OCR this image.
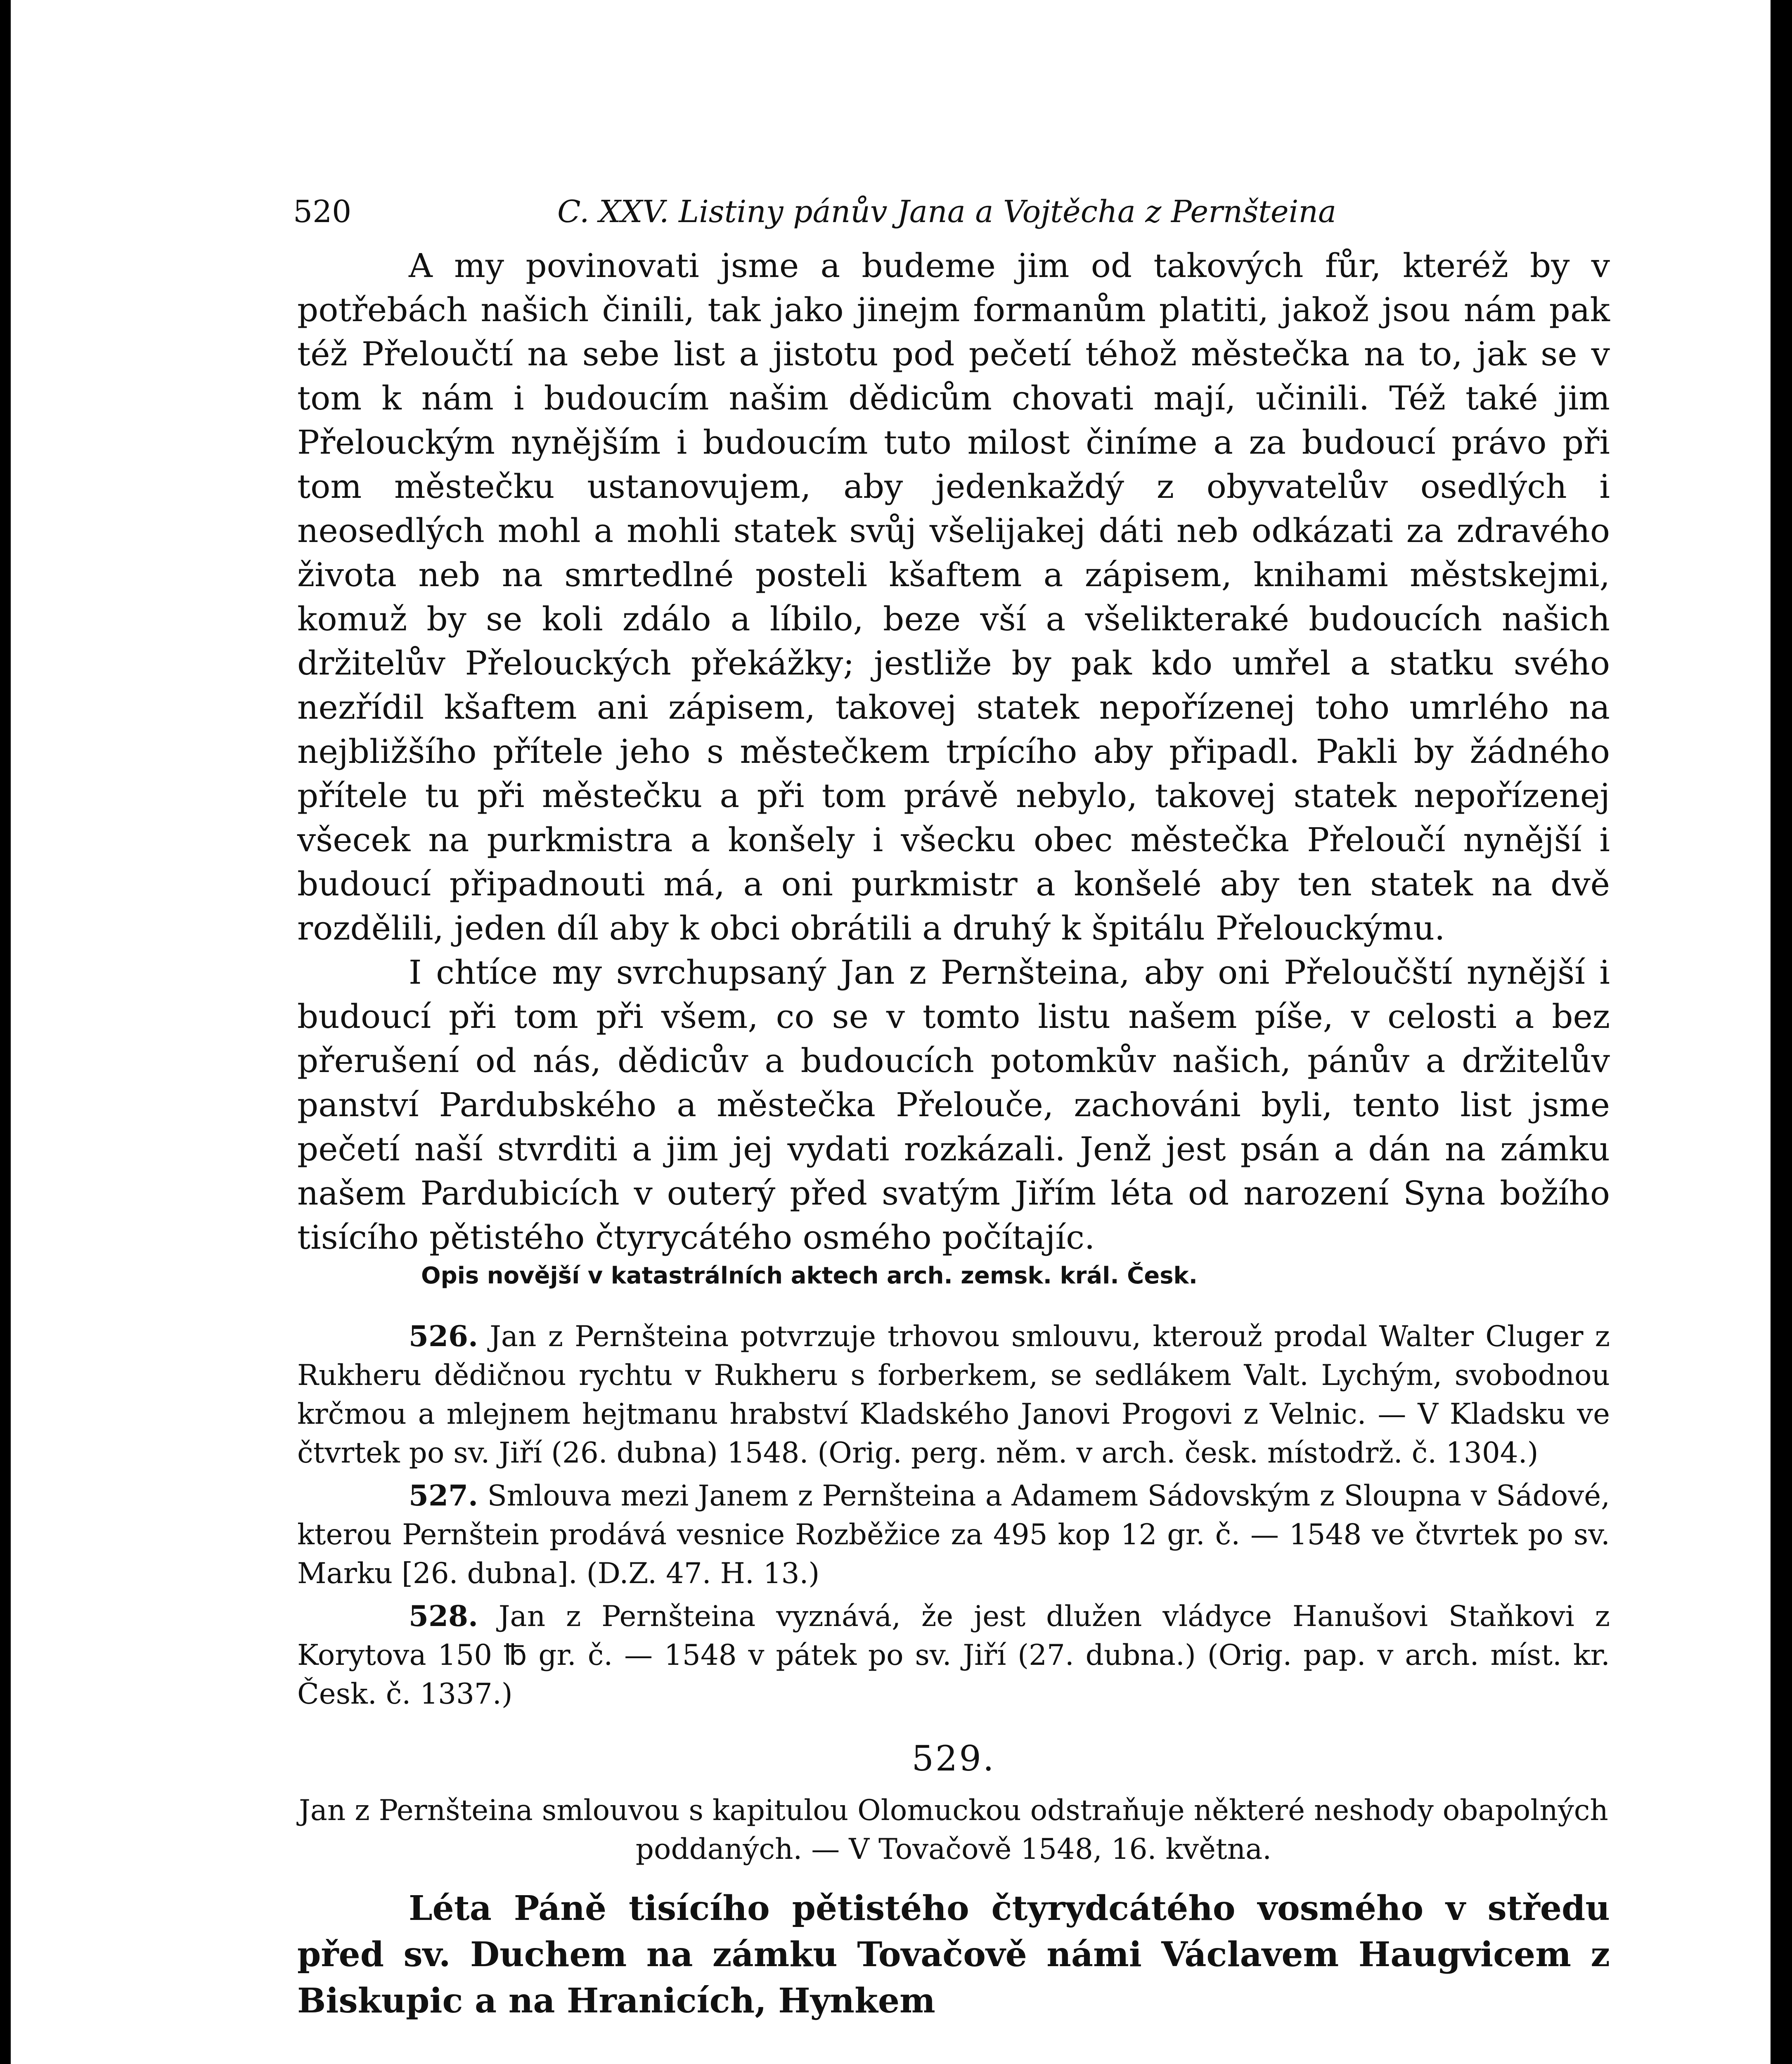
520	C. XXV. Listiny pánův Jana a Vojtěcha z Pernšteina

A my povinovati jsme a budeme jim od takových fůr, kteréž by v potřebách našich činili, tak jako jinejm formanům platiti, jakož jsou nám pak též Přeloučtí na sebe list a jistotu pod pečetí téhož městečka na to, jak se v tom k nám i budoucím našim dědicům chovati mají, učinili. Též také jim Přelouckým nynějším i budoucím tuto milost činíme a za budoucí právo při tom městečku ustanovujem, aby jedenkaždý z obyvatelův osedlých i neosedlých mohl a mohli statek svůj všelijakej dáti neb odkázati za zdravého života neb na smrtedlné posteli kšaftem a zápisem, knihami městskejmi, komuž by se koli zdálo a líbilo, beze vší a všelikteraké budoucích našich držitelův Přelouckých překážky; jestliže by pak kdo umřel a statku svého nezřídil kšaftem ani zápisem, takovej statek nepořízenej toho umrlého na nejbližšího přítele jeho s městečkem trpícího aby připadl. Pakli by žádného přítele tu při městečku a při tom právě nebylo, takovej statek nepořízenej všecek na purkmistra a konšely i všecku obec městečka Přeloučí nynější i budoucí připadnouti má, a oni purkmistr a konšelé aby ten statek na dvě rozdělili, jeden díl aby k obci obrátili a druhý k špitálu Přelouckýmu.

I chtíce my svrchupsaný Jan z Pernšteina, aby oni Přeloučští nynější i budoucí při tom při všem, co se v tomto listu našem píše, v celosti a bez přerušení od nás, dědicův a budoucích potomkův našich, pánův a držitelův panství Pardubského a městečka Přelouče, zachováni byli, tento list jsme pečetí naší stvrditi a jim jej vydati rozkázali. Jenž jest psán a dán na zámku našem Pardubicích v outerý před svatým Jiřím léta od narození Syna božího tisícího pětistého čtyrycátého osmého počítajíc.

Opis novější v katastrálních aktech arch. zemsk. král. Česk.

526. Jan z Pernšteina potvrzuje trhovou smlouvu, kterouž prodal Walter Cluger z Rukheru dědičnou rychtu v Rukheru s forberkem, se sedlákem Valt. Lychým, svobodnou krčmou a mlejnem hejtmanu hrabství Kladského Janovi Progovi z Velnic. — V Kladsku ve čtvrtek po sv. Jiří (26. dubna) 1548. (Orig. perg. něm. v arch. česk. místodrž. č. 1304.)

527. Smlouva mezi Janem z Pernšteina a Adamem Sádovským z Sloupna v Sádové, kterou Pernštein prodává vesnice Rozběžice za 495 kop 12 gr. č. — 1548 ve čtvrtek po sv. Marku [26. dubna]. (D.Z. 47. H. 13.)

528. Jan z Pernšteina vyznává, že jest dlužen vládyce Hanušovi Staňkovi z Korytova 150 ℔ gr. č. — 1548 v pátek po sv. Jiří (27. dubna.) (Orig. pap. v arch. míst. kr. Česk. č. 1337.)

529.
Jan z Pernšteina smlouvou s kapitulou Olomuckou odstraňuje některé neshody obapolných
poddaných. — V Tovačově 1548, 16. května.

Léta Páně tisícího pětistého čtyrydcátého vosmého v středu před sv. Duchem na zámku Tovačově námi Václavem Haugvicem z Biskupic a na Hranicích, Hynkem
